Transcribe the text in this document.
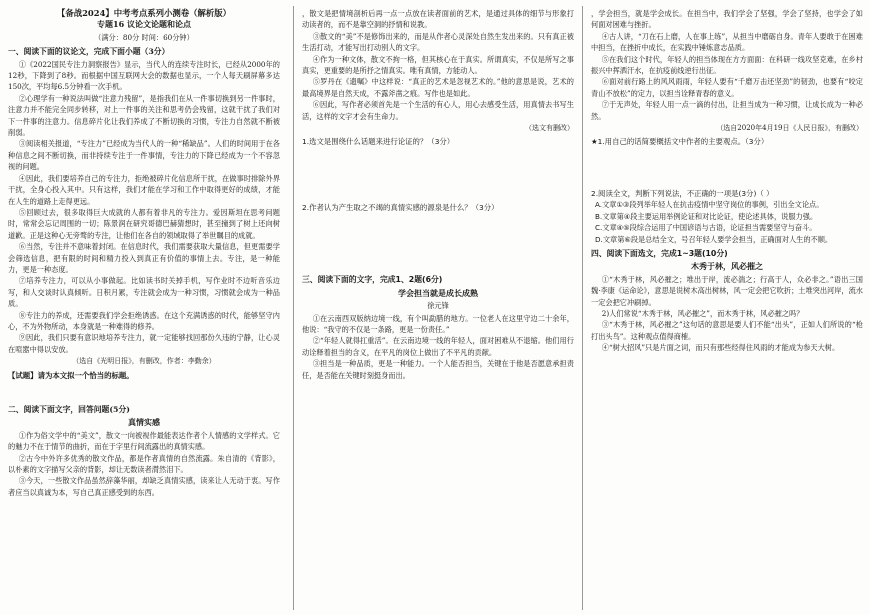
【备战2024】中考考点系列小测卷（解析版）

专题16 议论文论题和论点

（满分：80分 时间：60分钟）

一、阅读下面的议论文，完成下面小题（3分）

①《2022国民专注力洞察报告》显示，当代人的连续专注时长，已经从2000年的12秒，下降到了8秒。而根据中国互联网大会的数据也显示，一个人每天刷屏幕多达150次，平均每6.5分钟看一次手机。

②心理学有一种说法叫做“注意力残留”，是指我们在从一件事切换到另一件事时，注意力并不能完全同步转移，对上一件事的关注和思考仍会残留，这就干扰了我们对下一件事的注意力。信息碎片化让我们养成了不断切换的习惯，专注力自然就不断被削弱。

③阅读相关报道，“专注力”已经成为当代人的一种“稀缺品”。人们的时间用于在各种信息之间不断切换，而非持续专注于一件事情，专注力的下降已经成为一个不容忽视的问题。

④因此，我们要培养自己的专注力，拒绝被碎片化信息所干扰，在做事时排除外界干扰，全身心投入其中。只有这样，我们才能在学习和工作中取得更好的成绩，才能在人生的道路上走得更远。

⑤回顾过去，很多取得巨大成就的人都有着非凡的专注力。爱因斯坦在思考问题时，常常会忘记周围的一切；陈景润在研究哥德巴赫猜想时，甚至撞到了树上还向树道歉。正是这种心无旁骛的专注，让他们在各自的领域取得了举世瞩目的成就。

⑥当然，专注并不意味着封闭。在信息时代，我们需要获取大量信息，但更需要学会筛选信息，把有限的时间和精力投入到真正有价值的事情上去。专注，是一种能力，更是一种态度。

⑦培养专注力，可以从小事做起。比如读书时关掉手机，写作业时不边听音乐边写，和人交谈时认真倾听。日积月累，专注就会成为一种习惯，习惯就会成为一种品质。

⑧专注力的养成，还需要我们学会拒绝诱惑。在这个充满诱惑的时代，能够坚守内心，不为外物所动，本身就是一种难得的修养。

⑨因此，我们只要有意识地培养专注力，就一定能够找回那份久违的宁静，让心灵在喧嚣中得以安放。

（选自《光明日报》，有删改，作者：李勤余）

【试题】请为本文拟一个恰当的标题。

二、阅读下面文字，回答问题(5分)

真情实感

①作为俗文学中的“美文”，散文一向被视作最能表达作者个人情感的文学样式。它的魅力不在于情节的曲折，而在于字里行间流露出的真情实感。

②古今中外许多优秀的散文作品，都是作者真情的自然流露。朱自清的《背影》，以朴素的文字描写父亲的背影，却让无数读者潸然泪下。

③今天，一些散文作品虽然辞藻华丽，却缺乏真情实感，读来让人无动于衷。写作者应当以真诚为本，写自己真正感受到的东西。

，散文是把情境剖析后再一点一点放在读者面前的艺术，是通过具体的细节与形象打动读者的，而不是靠空洞的抒情和说教。

③散文的“美”不是修饰出来的，而是从作者心灵深处自然生发出来的。只有真正被生活打动，才能写出打动别人的文字。

④作为一种文体，散文不拘一格，但其核心在于真实。所谓真实，不仅是所写之事真实，更重要的是所抒之情真实。唯有真情，方能动人。

⑤罗丹在《遗嘱》中这样说：“真正的艺术是忽视艺术的。”他的意思是说，艺术的最高境界是自然天成，不露斧凿之痕。写作也是如此。

⑥因此，写作者必须首先是一个生活的有心人，用心去感受生活，用真情去书写生活，这样的文字才会有生命力。

（选文有删改）

1.选文是围绕什么话题来进行论证的？（3分）

2.作者认为产生取之不竭的真情实感的源泉是什么？（3分）

三、阅读下面的文字，完成1、2题(6分)

学会担当就是成长成熟

徐元锋

①在云南西双版纳边境一线，有个叫勐腊的地方。一位老人在这里守边二十余年，他说：“我守的不仅是一条路，更是一份责任。”

②“年轻人就得扛重活”。在云南边境一线的年轻人，面对困难从不退缩。他们用行动诠释着担当的含义，在平凡的岗位上做出了不平凡的贡献。

③担当是一种品质，更是一种能力。一个人能否担当，关键在于他是否愿意承担责任，是否能在关键时刻挺身而出。

，学会担当，就是学会成长。在担当中，我们学会了坚强，学会了坚持，也学会了如何面对困难与挫折。

④古人讲，“刀在石上磨，人在事上练”，从担当中磨砺自身。青年人要敢于在困难中担当，在挫折中成长，在实践中锤炼意志品质。

⑤在我们这个时代，年轻人的担当体现在方方面面：在科研一线攻坚克难，在乡村振兴中挥洒汗水，在抗疫前线逆行出征。

⑥面对前行路上的风风雨雨，年轻人要有“千磨万击还坚劲”的韧劲，也要有“咬定青山不放松”的定力，以担当诠释青春的意义。

⑦于无声处，年轻人用一点一滴的付出，让担当成为一种习惯，让成长成为一种必然。

（选自2020年4月19日《人民日报》，有删改）

★1.用自己的话简要概括文中作者的主要观点。（3分）

2.阅读全文，判断下列说法，不正确的一项是(3分)（ ）

A.文章①③段列举年轻人在抗击疫情中坚守岗位的事例，引出全文论点。

B.文章第④段主要运用举例论证和对比论证，使论述具体，说服力强。

C.文章④⑤段综合运用了中国谚语与古语，论证担当需要坚守与奋斗。

D.文章第⑥段是总结全文，号召年轻人要学会担当，正确面对人生的不顺。

四、阅读下面选文，完成1~3题(10分)

木秀于林，风必摧之

①“木秀于林，风必摧之；堆出于岸，流必湍之；行高于人，众必非之。”语出三国魏·李康《运命论》，意思是说树木高出树林，风一定会把它吹折；土堆突出河岸，流水一定会把它冲刷掉。

2)人们常说“木秀于林，风必摧之”，而木秀于林，风必摧之吗？

③“木秀于林，风必摧之”这句话的意思是要人们不能“出头”，正如人们所说的“枪打出头鸟”。这种观点值得商榷。

④“树大招风”只是片面之词，而只有那些经得住风雨的才能成为参天大树。
